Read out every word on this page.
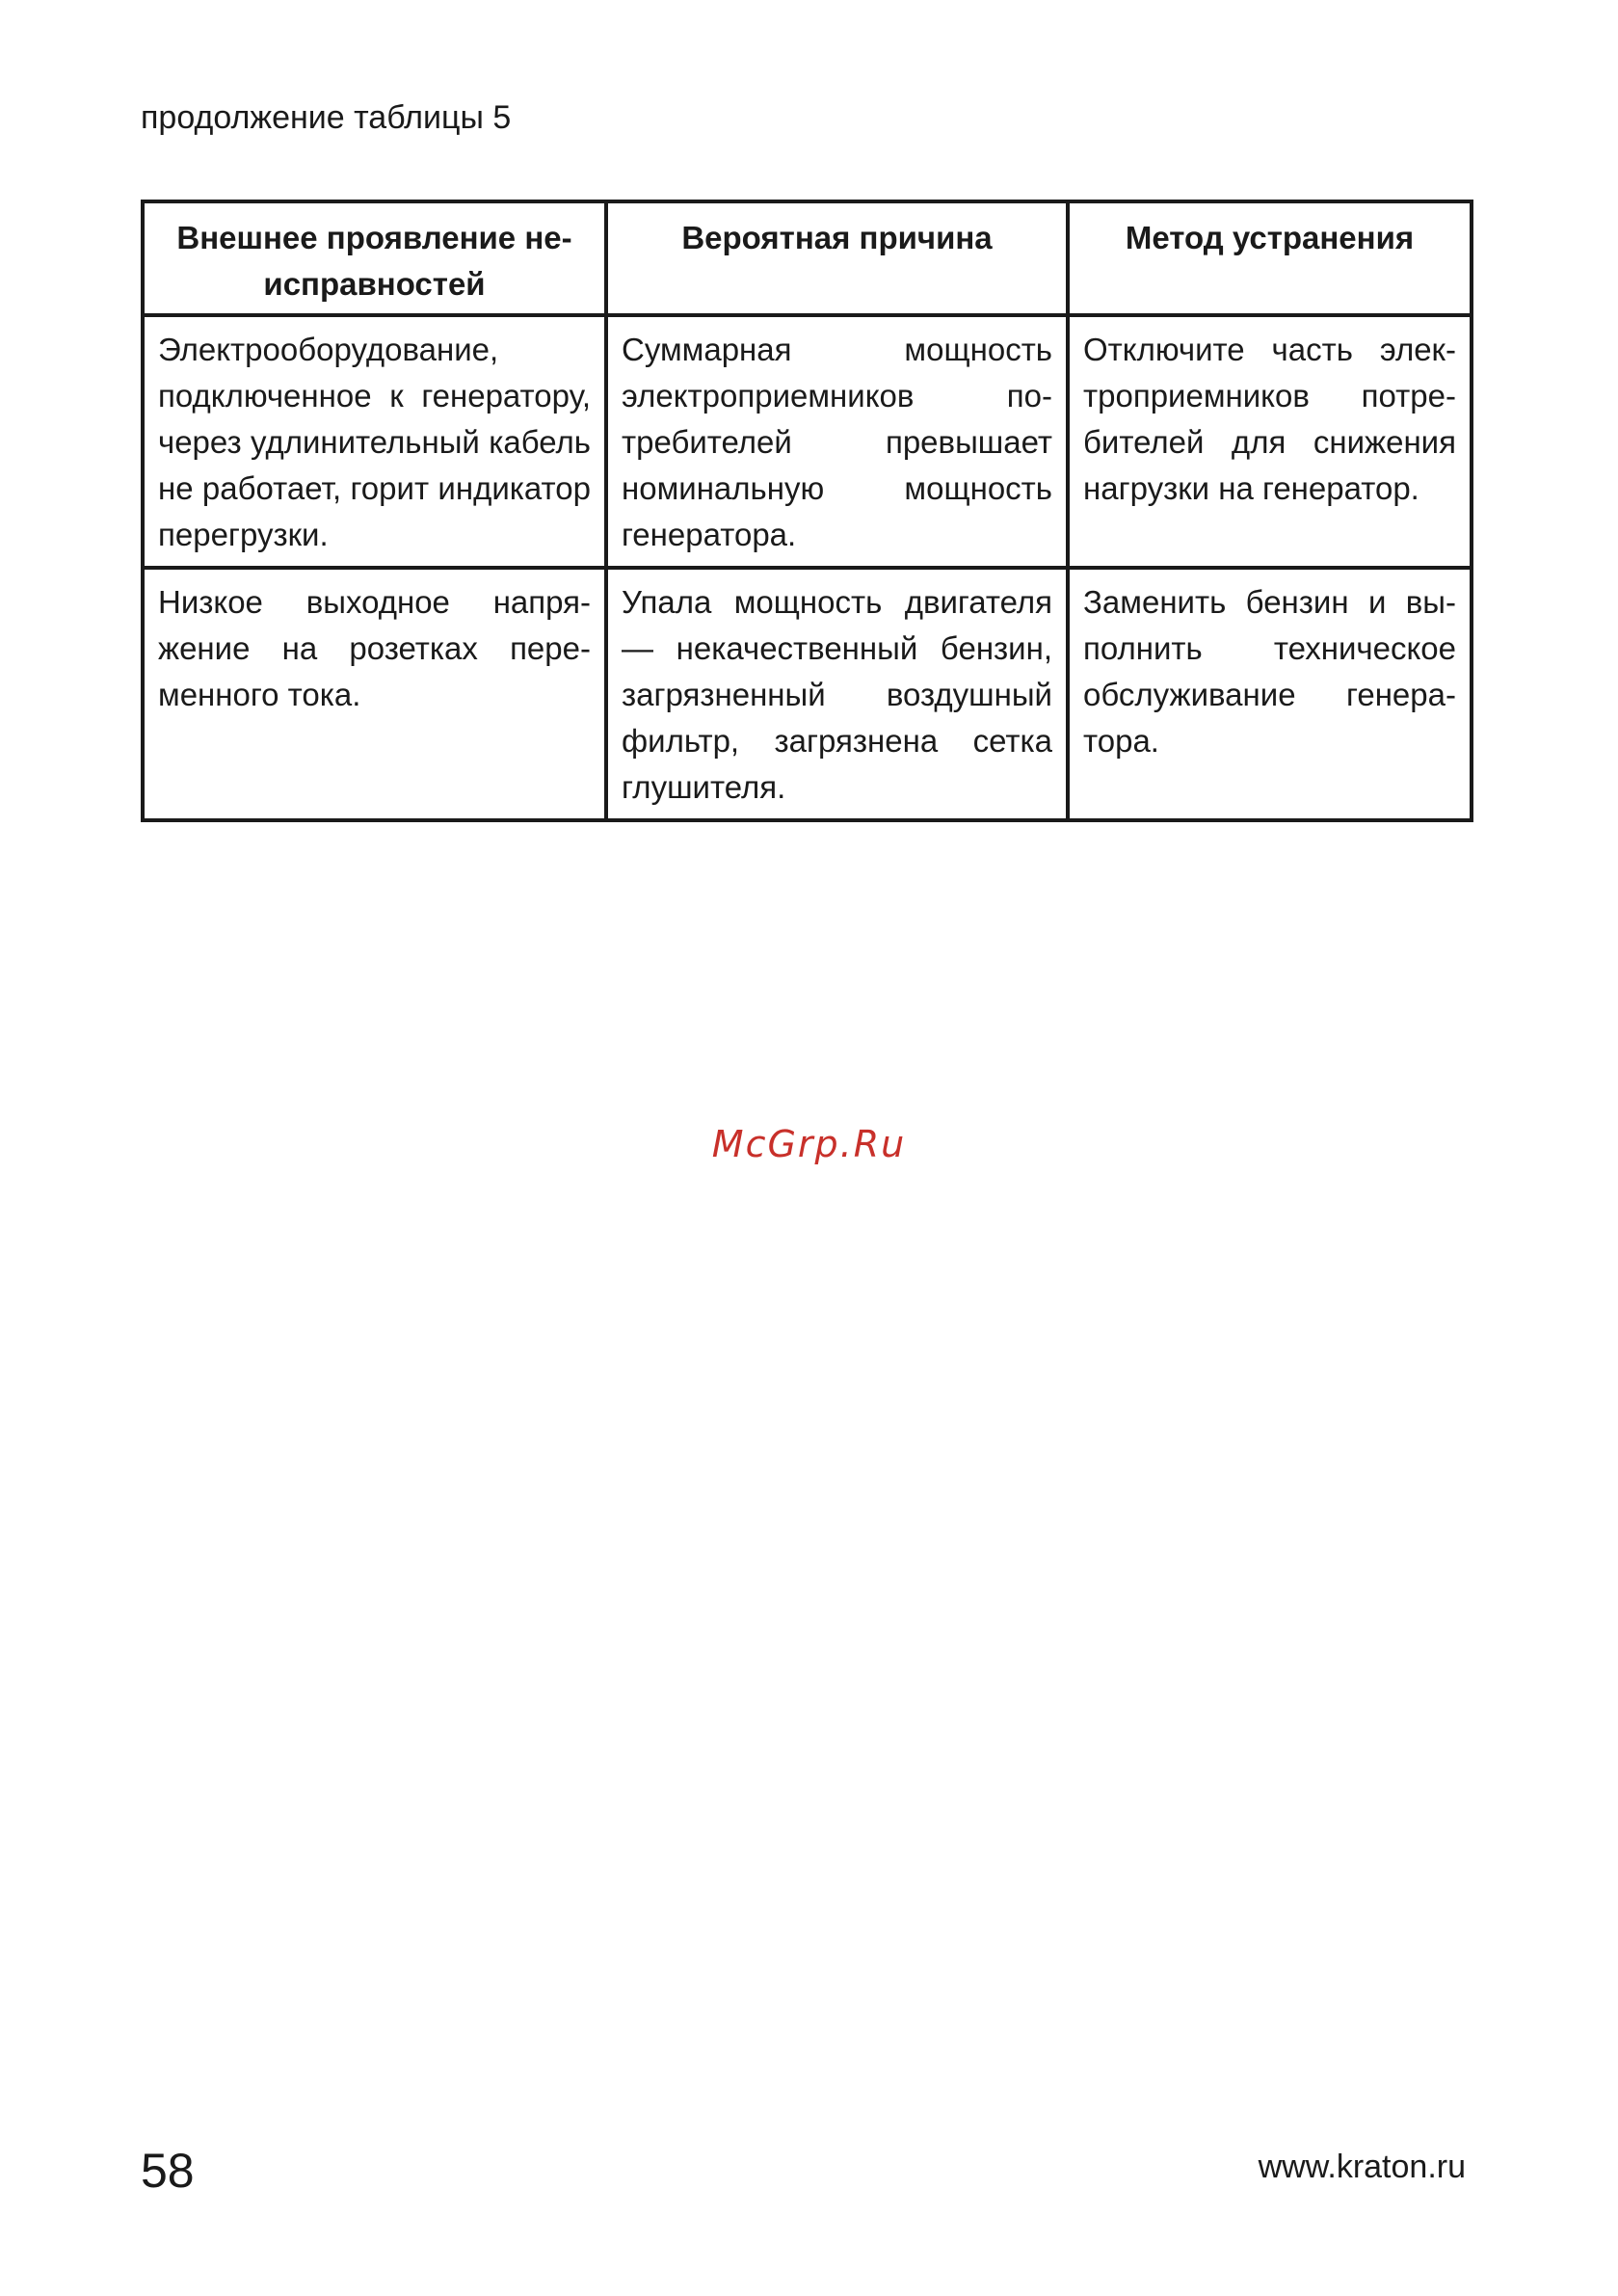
продолжение таблицы 5
Внешнее проявление неисправностей	Вероятная причина	Метод устранения
Электрооборудование, подключенное к генератору, через удлинительный кабель не работает, горит индикатор перегрузки.	Суммарная мощность электроприемников потребителей превышает номинальную мощность генератора.	Отключите часть электроприемников потребителей для снижения нагрузки на генератор.
Низкое выходное напряжение на розетках переменного тока.	Упала мощность двигателя — некачественный бензин, загрязненный воздушный фильтр, загрязнена сетка глушителя.	Заменить бензин и выполнить техническое обслуживание генератора.
McGrp.Ru
58	www.kraton.ru
